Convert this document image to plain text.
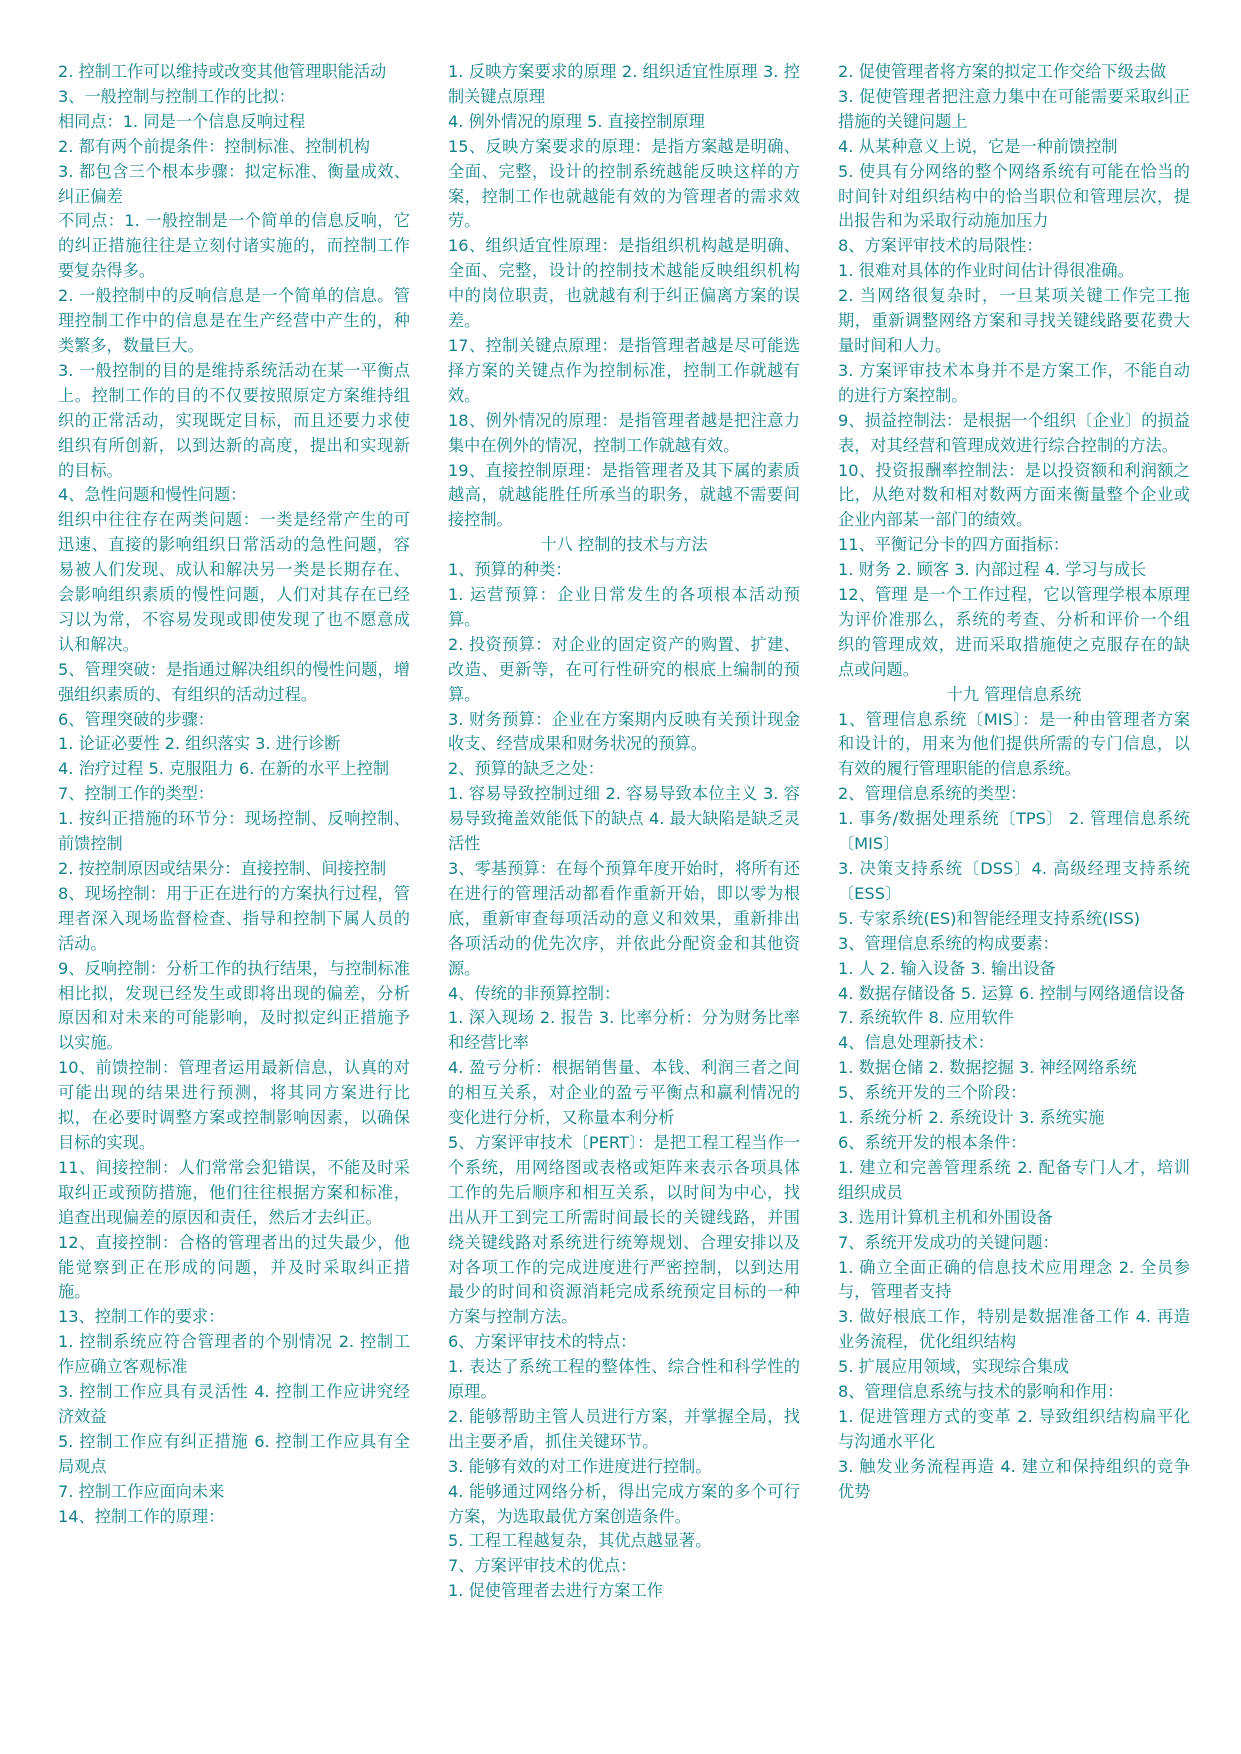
2. 控制工作可以维持或改变其他管理职能活动

3、一般控制与控制工作的比拟：

相同点：1. 同是一个信息反响过程

2. 都有两个前提条件：控制标准、控制机构

3. 都包含三个根本步骤：拟定标准、衡量成效、纠正偏差

不同点：1. 一般控制是一个简单的信息反响，它的纠正措施往往是立刻付诸实施的，而控制工作要复杂得多。

2. 一般控制中的反响信息是一个简单的信息。管理控制工作中的信息是在生产经营中产生的，种类繁多，数量巨大。

3. 一般控制的目的是维持系统活动在某一平衡点上。控制工作的目的不仅要按照原定方案维持组织的正常活动，实现既定目标，而且还要力求使组织有所创新，以到达新的高度，提出和实现新的目标。

4、急性问题和慢性问题：

组织中往往存在两类问题：一类是经常产生的可迅速、直接的影响组织日常活动的急性问题，容易被人们发现、成认和解决另一类是长期存在、会影响组织素质的慢性问题，人们对其存在已经习以为常，不容易发现或即使发现了也不愿意成认和解决。

5、管理突破：是指通过解决组织的慢性问题，增强组织素质的、有组织的活动过程。

6、管理突破的步骤：

1. 论证必要性 2. 组织落实 3. 进行诊断

4. 治疗过程 5. 克服阻力 6. 在新的水平上控制

7、控制工作的类型：

1. 按纠正措施的环节分：现场控制、反响控制、前馈控制

2. 按控制原因或结果分：直接控制、间接控制

8、现场控制：用于正在进行的方案执行过程，管理者深入现场监督检查、指导和控制下属人员的活动。

9、反响控制：分析工作的执行结果，与控制标准相比拟，发现已经发生或即将出现的偏差，分析原因和对未来的可能影响，及时拟定纠正措施予以实施。

10、前馈控制：管理者运用最新信息，认真的对可能出现的结果进行预测，将其同方案进行比拟，在必要时调整方案或控制影响因素，以确保目标的实现。

11、间接控制：人们常常会犯错误，不能及时采取纠正或预防措施，他们往往根据方案和标准，追查出现偏差的原因和责任，然后才去纠正。

12、直接控制：合格的管理者出的过失最少，他能觉察到正在形成的问题，并及时采取纠正措施。

13、控制工作的要求：

1. 控制系统应符合管理者的个别情况 2. 控制工作应确立客观标准

3. 控制工作应具有灵活性 4. 控制工作应讲究经济效益

5. 控制工作应有纠正措施 6. 控制工作应具有全局观点

7. 控制工作应面向未来

14、控制工作的原理：

1. 反映方案要求的原理 2. 组织适宜性原理 3. 控制关键点原理

4. 例外情况的原理 5. 直接控制原理

15、反映方案要求的原理：是指方案越是明确、全面、完整，设计的控制系统越能反映这样的方案，控制工作也就越能有效的为管理者的需求效劳。

16、组织适宜性原理：是指组织机构越是明确、全面、完整，设计的控制技术越能反映组织机构中的岗位职责，也就越有利于纠正偏离方案的误差。

17、控制关键点原理：是指管理者越是尽可能选择方案的关键点作为控制标准，控制工作就越有效。

18、例外情况的原理：是指管理者越是把注意力集中在例外的情况，控制工作就越有效。

19、直接控制原理：是指管理者及其下属的素质越高，就越能胜任所承当的职务，就越不需要间接控制。

十八 控制的技术与方法

1、预算的种类：

1. 运营预算：企业日常发生的各项根本活动预算。

2. 投资预算：对企业的固定资产的购置、扩建、改造、更新等，在可行性研究的根底上编制的预算。

3. 财务预算：企业在方案期内反映有关预计现金收支、经营成果和财务状况的预算。

2、预算的缺乏之处：

1. 容易导致控制过细 2. 容易导致本位主义 3. 容易导致掩盖效能低下的缺点 4. 最大缺陷是缺乏灵活性

3、零基预算：在每个预算年度开始时，将所有还在进行的管理活动都看作重新开始，即以零为根底，重新审查每项活动的意义和效果，重新排出各项活动的优先次序，并依此分配资金和其他资源。

4、传统的非预算控制：

1. 深入现场 2. 报告 3. 比率分析：分为财务比率和经营比率

4. 盈亏分析：根据销售量、本钱、利润三者之间的相互关系，对企业的盈亏平衡点和赢利情况的变化进行分析，又称量本利分析

5、方案评审技术〔PERT〕：是把工程工程当作一个系统，用网络图或表格或矩阵来表示各项具体工作的先后顺序和相互关系，以时间为中心，找出从开工到完工所需时间最长的关键线路，并围绕关键线路对系统进行统筹规划、合理安排以及对各项工作的完成进度进行严密控制，以到达用最少的时间和资源消耗完成系统预定目标的一种方案与控制方法。

6、方案评审技术的特点：

1. 表达了系统工程的整体性、综合性和科学性的原理。

2. 能够帮助主管人员进行方案，并掌握全局，找出主要矛盾，抓住关键环节。

3. 能够有效的对工作进度进行控制。

4. 能够通过网络分析，得出完成方案的多个可行方案，为选取最优方案创造条件。

5. 工程工程越复杂，其优点越显著。

7、方案评审技术的优点：

1. 促使管理者去进行方案工作

2. 促使管理者将方案的拟定工作交给下级去做

3. 促使管理者把注意力集中在可能需要采取纠正措施的关键问题上

4. 从某种意义上说，它是一种前馈控制

5. 使具有分网络的整个网络系统有可能在恰当的时间针对组织结构中的恰当职位和管理层次，提出报告和为采取行动施加压力

8、方案评审技术的局限性：

1. 很难对具体的作业时间估计得很准确。

2. 当网络很复杂时，一旦某项关键工作完工拖期，重新调整网络方案和寻找关键线路要花费大量时间和人力。

3. 方案评审技术本身并不是方案工作，不能自动的进行方案控制。

9、损益控制法：是根据一个组织〔企业〕的损益表，对其经营和管理成效进行综合控制的方法。

10、投资报酬率控制法：是以投资额和利润额之比，从绝对数和相对数两方面来衡量整个企业或企业内部某一部门的绩效。

11、平衡记分卡的四方面指标：

1. 财务 2. 顾客 3. 内部过程 4. 学习与成长

12、管理 是一个工作过程，它以管理学根本原理为评价准那么，系统的考查、分析和评价一个组织的管理成效，进而采取措施使之克服存在的缺点或问题。

十九 管理信息系统

1、管理信息系统〔MIS〕：是一种由管理者方案和设计的，用来为他们提供所需的专门信息，以有效的履行管理职能的信息系统。

2、管理信息系统的类型：

1. 事务/数据处理系统〔TPS〕 2. 管理信息系统〔MIS〕

3. 决策支持系统〔DSS〕4. 高级经理支持系统〔ESS〕

5. 专家系统(ES)和智能经理支持系统(ISS)

3、管理信息系统的构成要素：

1. 人 2. 输入设备 3. 输出设备

4. 数据存储设备 5. 运算 6. 控制与网络通信设备

7. 系统软件 8. 应用软件

4、信息处理新技术：

1. 数据仓储 2. 数据挖掘 3. 神经网络系统

5、系统开发的三个阶段：

1. 系统分析 2. 系统设计 3. 系统实施

6、系统开发的根本条件：

1. 建立和完善管理系统 2. 配备专门人才，培训组织成员

3. 选用计算机主机和外围设备

7、系统开发成功的关键问题：

1. 确立全面正确的信息技术应用理念 2. 全员参与，管理者支持

3. 做好根底工作，特别是数据准备工作 4. 再造业务流程，优化组织结构

5. 扩展应用领域，实现综合集成

8、管理信息系统与技术的影响和作用：

1. 促进管理方式的变革 2. 导致组织结构扁平化与沟通水平化

3. 触发业务流程再造 4. 建立和保持组织的竞争优势
